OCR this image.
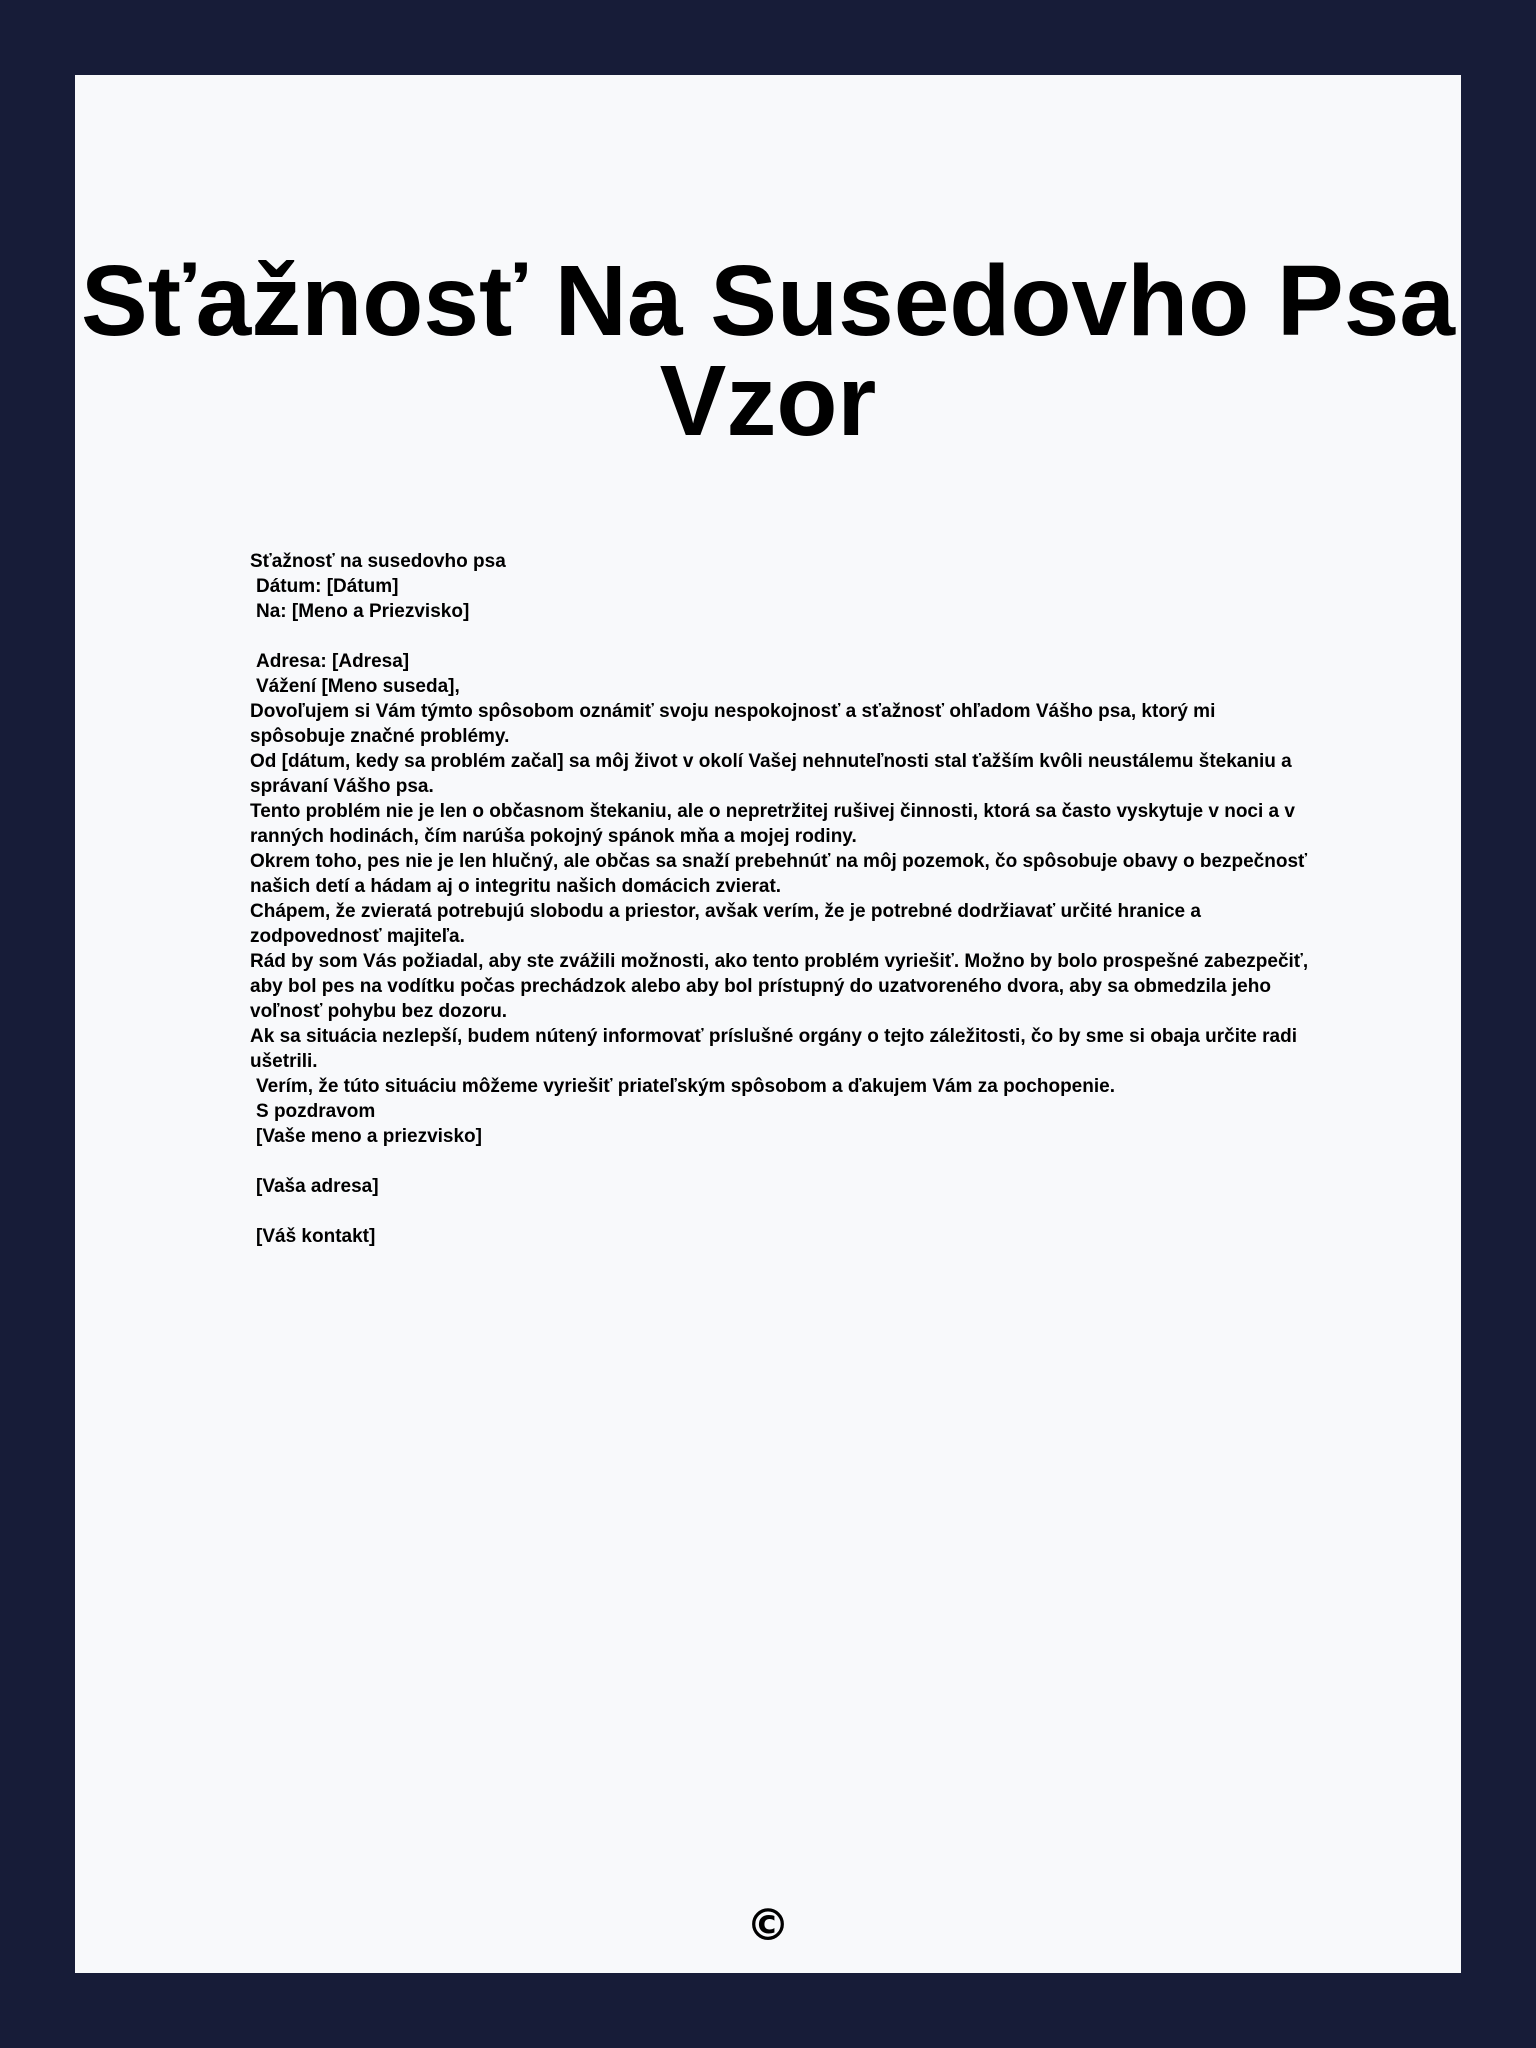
Sťažnosť Na Susedovho Psa
Vzor
Sťažnosť na susedovho psa
Dátum: [Dátum]
Na: [Meno a Priezvisko]
Adresa: [Adresa]
Vážení [Meno suseda],
Dovoľujem si Vám týmto spôsobom oznámiť svoju nespokojnosť a sťažnosť ohľadom Vášho psa, ktorý mi spôsobuje značné problémy.
Od [dátum, kedy sa problém začal] sa môj život v okolí Vašej nehnuteľnosti stal ťažším kvôli neustálemu štekaniu a správaní Vášho psa.
Tento problém nie je len o občasnom štekaniu, ale o nepretržitej rušivej činnosti, ktorá sa často vyskytuje v noci a v ranných hodinách, čím narúša pokojný spánok mňa a mojej rodiny.
Okrem toho, pes nie je len hlučný, ale občas sa snaží prebehnúť na môj pozemok, čo spôsobuje obavy o bezpečnosť našich detí a hádam aj o integritu našich domácich zvierat.
Chápem, že zvieratá potrebujú slobodu a priestor, avšak verím, že je potrebné dodržiavať určité hranice a zodpovednosť majiteľa.
Rád by som Vás požiadal, aby ste zvážili možnosti, ako tento problém vyriešiť. Možno by bolo prospešné zabezpečiť, aby bol pes na vodítku počas prechádzok alebo aby bol prístupný do uzatvoreného dvora, aby sa obmedzila jeho voľnosť pohybu bez dozoru.
Ak sa situácia nezlepší, budem nútený informovať príslušné orgány o tejto záležitosti, čo by sme si obaja určite radi ušetrili.
Verím, že túto situáciu môžeme vyriešiť priateľským spôsobom a ďakujem Vám za pochopenie.
S pozdravom
[Vaše meno a priezvisko]
[Vaša adresa]
[Váš kontakt]
©
